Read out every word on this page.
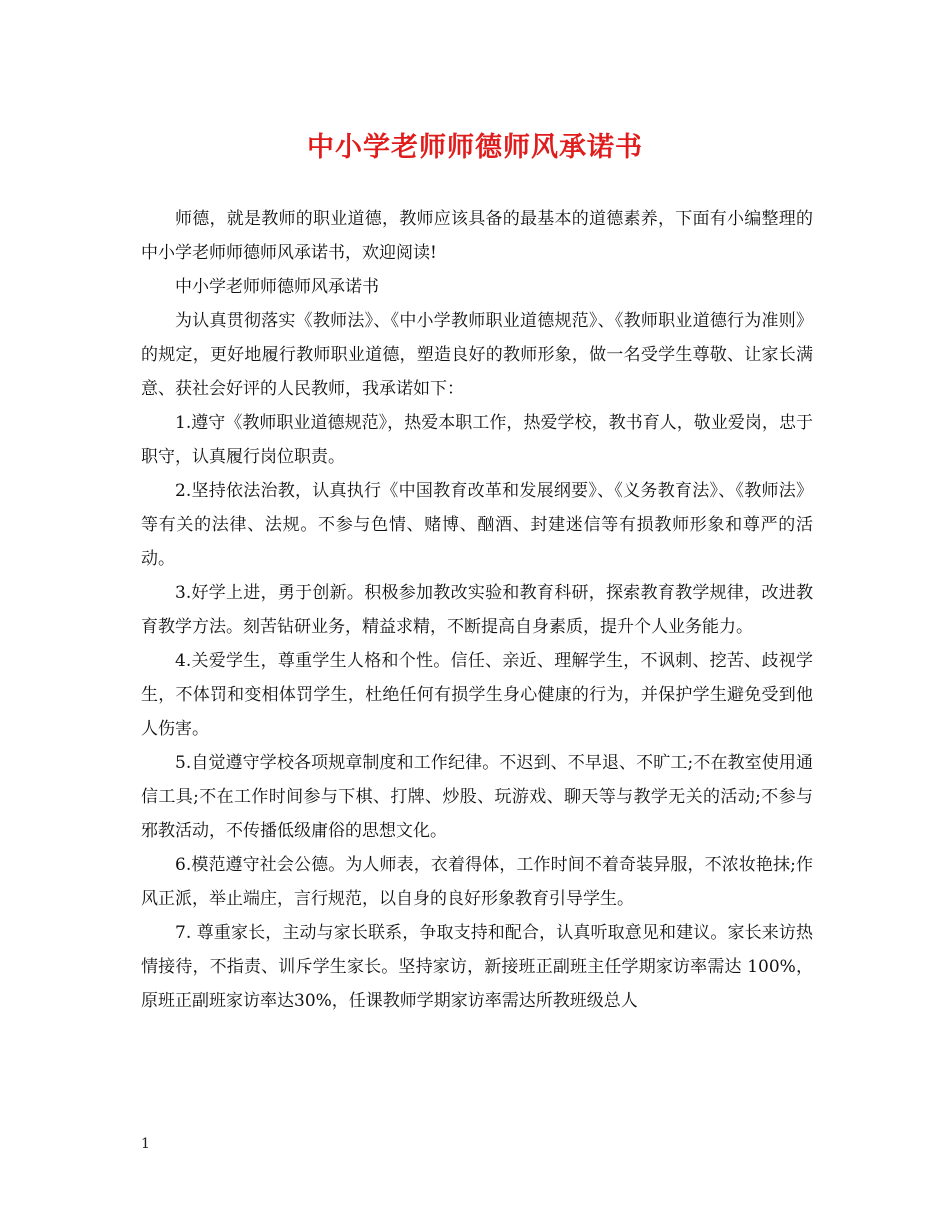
中小学老师师德师风承诺书

师德，就是教师的职业道德，教师应该具备的最基本的道德素养，下面有小编整理的中小学老师师德师风承诺书，欢迎阅读!

中小学老师师德师风承诺书

为认真贯彻落实《教师法》、《中小学教师职业道德规范》、《教师职业道德行为准则》的规定，更好地履行教师职业道德，塑造良好的教师形象，做一名受学生尊敬、让家长满意、获社会好评的人民教师，我承诺如下：

1.遵守《教师职业道德规范》，热爱本职工作，热爱学校，教书育人，敬业爱岗，忠于职守，认真履行岗位职责。

2.坚持依法治教，认真执行《中国教育改革和发展纲要》、《义务教育法》、《教师法》等有关的法律、法规。不参与色情、赌博、酗酒、封建迷信等有损教师形象和尊严的活动。

3.好学上进，勇于创新。积极参加教改实验和教育科研，探索教育教学规律，改进教育教学方法。刻苦钻研业务，精益求精，不断提高自身素质，提升个人业务能力。

4.关爱学生，尊重学生人格和个性。信任、亲近、理解学生，不讽刺、挖苦、歧视学生，不体罚和变相体罚学生，杜绝任何有损学生身心健康的行为，并保护学生避免受到他人伤害。

5.自觉遵守学校各项规章制度和工作纪律。不迟到、不早退、不旷工;不在教室使用通信工具;不在工作时间参与下棋、打牌、炒股、玩游戏、聊天等与教学无关的活动;不参与邪教活动，不传播低级庸俗的思想文化。

6.模范遵守社会公德。为人师表，衣着得体，工作时间不着奇装异服，不浓妆艳抹;作风正派，举止端庄，言行规范，以自身的良好形象教育引导学生。

7. 尊重家长，主动与家长联系，争取支持和配合，认真听取意见和建议。家长来访热情接待，不指责、训斥学生家长。坚持家访，新接班正副班主任学期家访率需达 100%，原班正副班家访率达30%，任课教师学期家访率需达所教班级总人

1
